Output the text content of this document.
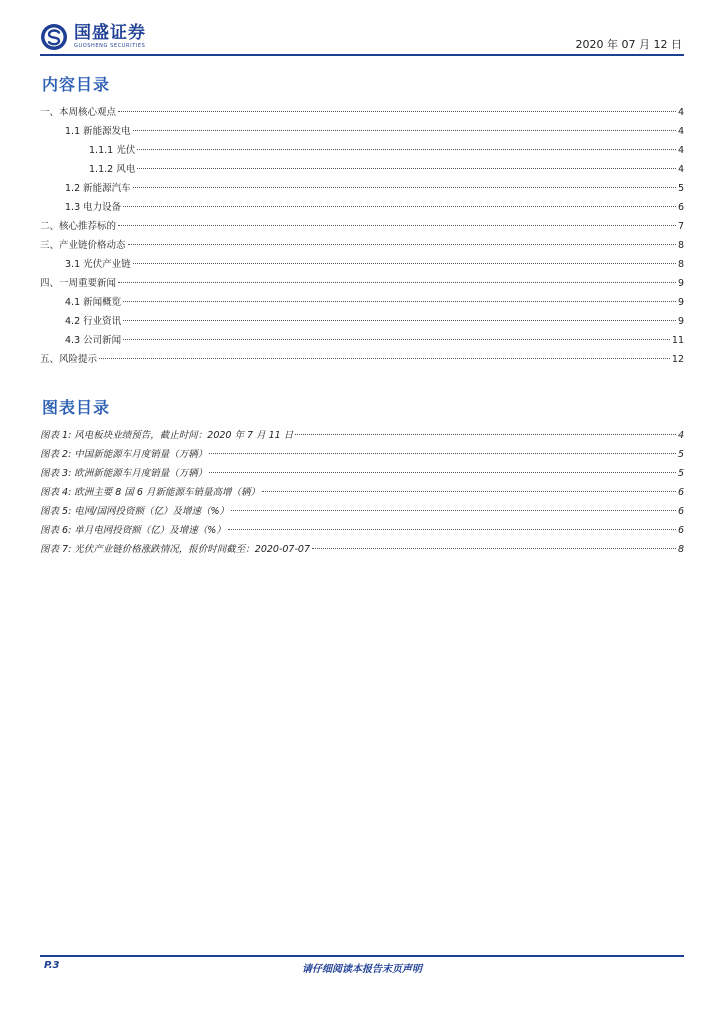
国盛证券
GUOSHENG SECURITIES	2020 年 07 月 12 日
内容目录
一、本周核心观点	4
1.1 新能源发电	4
1.1.1 光伏	4
1.1.2 风电	4
1.2 新能源汽车	5
1.3 电力设备	6
二、核心推荐标的	7
三、产业链价格动态	8
3.1 光伏产业链	8
四、一周重要新闻	9
4.1 新闻概览	9
4.2 行业资讯	9
4.3 公司新闻	11
五、风险提示	12
图表目录
图表 1: 风电板块业绩预告，截止时间：2020 年 7 月 11 日	4
图表 2: 中国新能源车月度销量（万辆）	5
图表 3: 欧洲新能源车月度销量（万辆）	5
图表 4: 欧洲主要 8 国 6 月新能源车销量高增（辆）	6
图表 5: 电网/国网投资额（亿）及增速（%）	6
图表 6: 单月电网投资额（亿）及增速（%）	6
图表 7: 光伏产业链价格涨跌情况，报价时间截至：2020-07-07	8
请仔细阅读本报告末页声明
P.3
